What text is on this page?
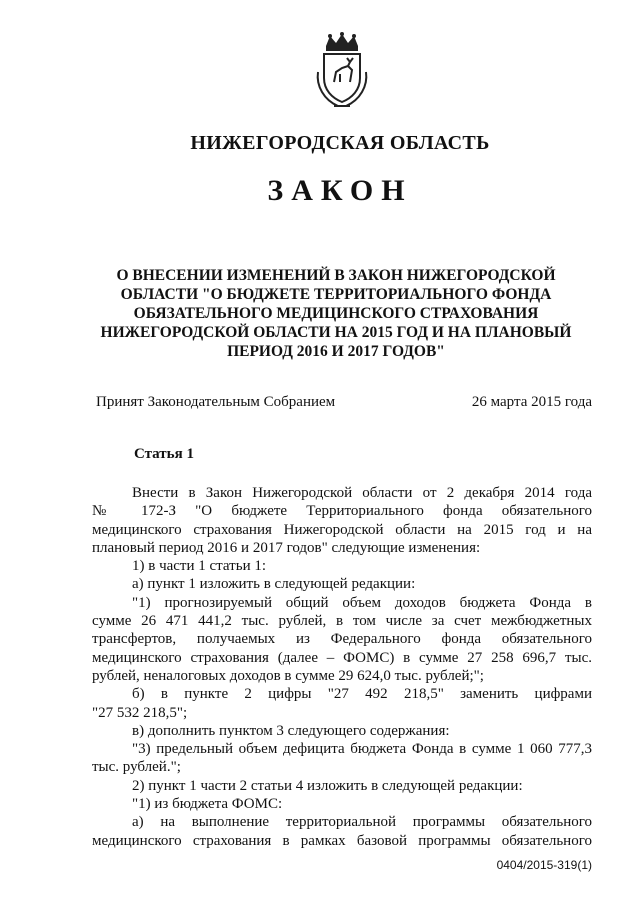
НИЖЕГОРОДСКАЯ ОБЛАСТЬ
ЗАКОН
О ВНЕСЕНИИ ИЗМЕНЕНИЙ В ЗАКОН НИЖЕГОРОДСКОЙ
ОБЛАСТИ "О БЮДЖЕТЕ ТЕРРИТОРИАЛЬНОГО ФОНДА
ОБЯЗАТЕЛЬНОГО МЕДИЦИНСКОГО СТРАХОВАНИЯ
НИЖЕГОРОДСКОЙ ОБЛАСТИ НА 2015 ГОД И НА ПЛАНОВЫЙ
ПЕРИОД 2016 И 2017 ГОДОВ"
Принят Законодательным Собранием	26 марта 2015 года
Статья 1
Внести в Закон Нижегородской области от 2 декабря 2014 года
№ 172-З "О бюджете Территориального фонда обязательного
медицинского страхования Нижегородской области на 2015 год и на
плановый период 2016 и 2017 годов" следующие изменения:
1) в части 1 статьи 1:
а) пункт 1 изложить в следующей редакции:
"1) прогнозируемый общий объем доходов бюджета Фонда в
сумме 26 471 441,2 тыс. рублей, в том числе за счет межбюджетных
трансфертов, получаемых из Федерального фонда обязательного
медицинского страхования (далее – ФОМС) в сумме 27 258 696,7 тыс.
рублей, неналоговых доходов в сумме 29 624,0 тыс. рублей;";
б) в пункте 2 цифры "27 492 218,5" заменить цифрами
"27 532 218,5";
в) дополнить пунктом 3 следующего содержания:
"3) предельный объем дефицита бюджета Фонда в сумме 1 060 777,3
тыс. рублей.";
2) пункт 1 части 2 статьи 4 изложить в следующей редакции:
"1) из бюджета ФОМС:
а) на выполнение территориальной программы обязательного
медицинского страхования в рамках базовой программы обязательного
0404/2015-319(1)
